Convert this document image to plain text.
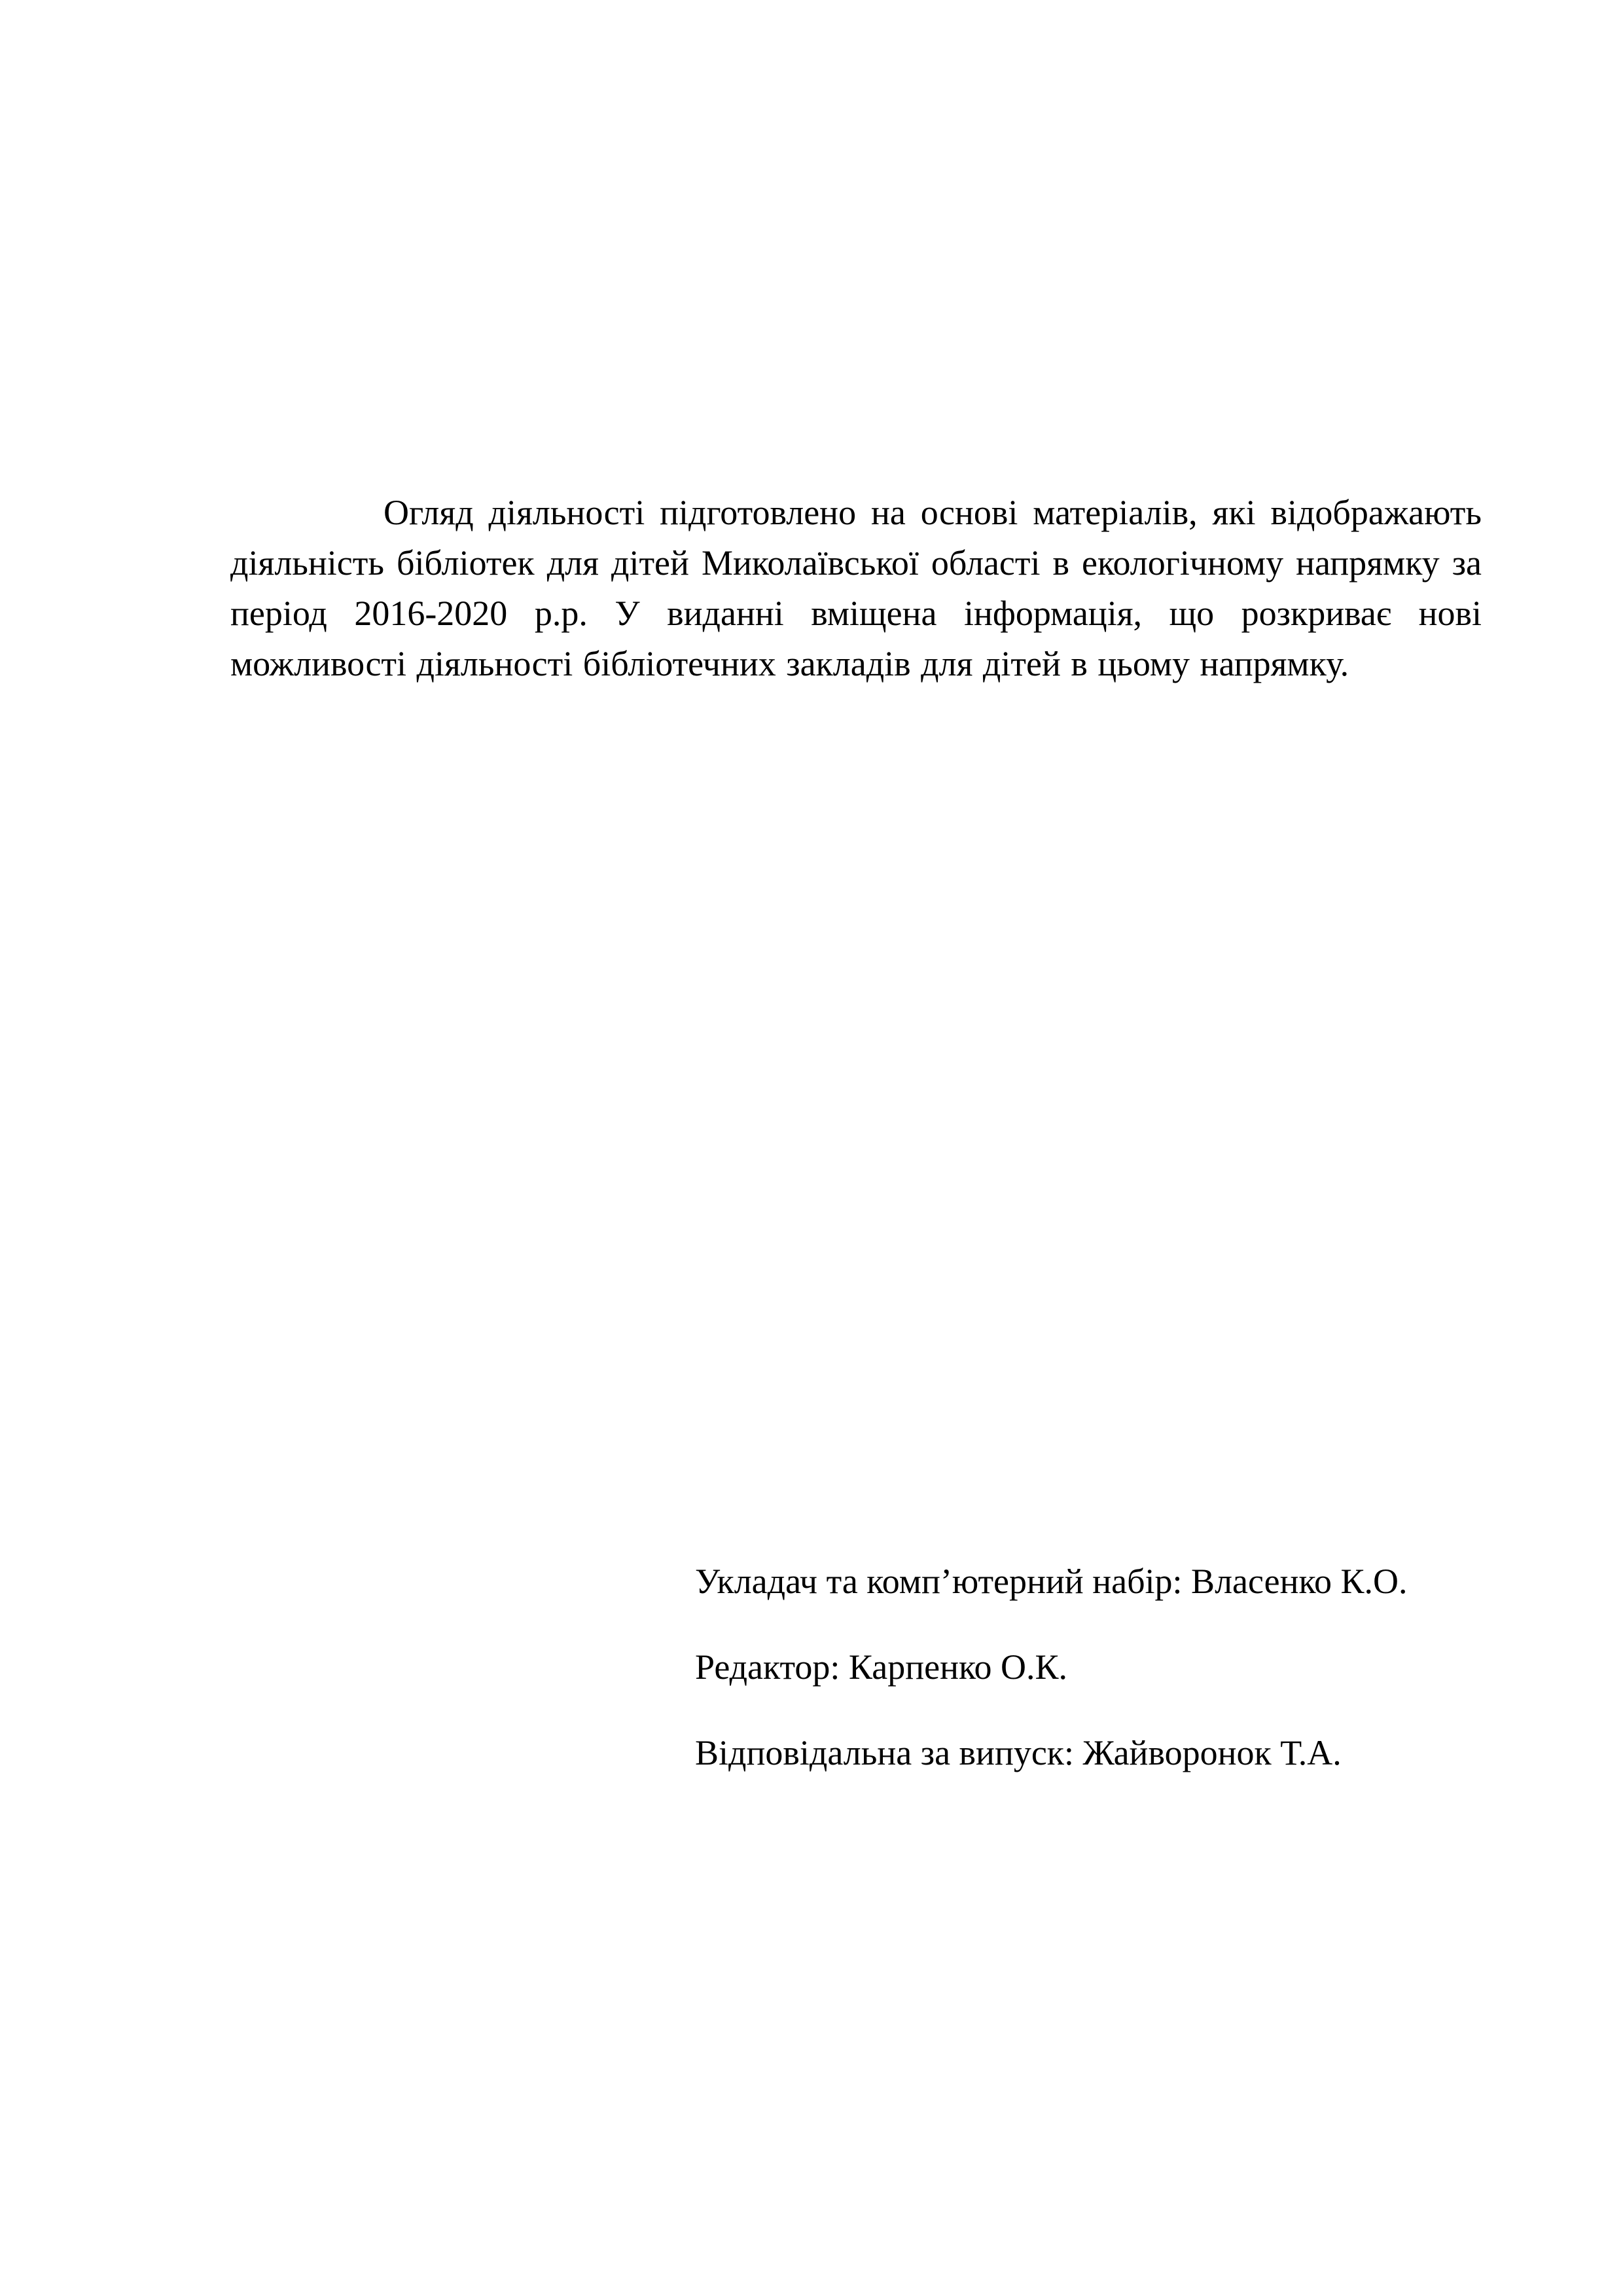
Огляд діяльності підготовлено на основі матеріалів, які відображають діяльність бібліотек для дітей Миколаївської області в екологічному напрямку за період 2016-2020 р.р. У виданні вміщена інформація, що розкриває нові можливості діяльності бібліотечних закладів для дітей в цьому напрямку.

Укладач та комп’ютерний набір: Власенко К.О.
Редактор: Карпенко О.К.
Відповідальна за випуск: Жайворонок Т.А.
